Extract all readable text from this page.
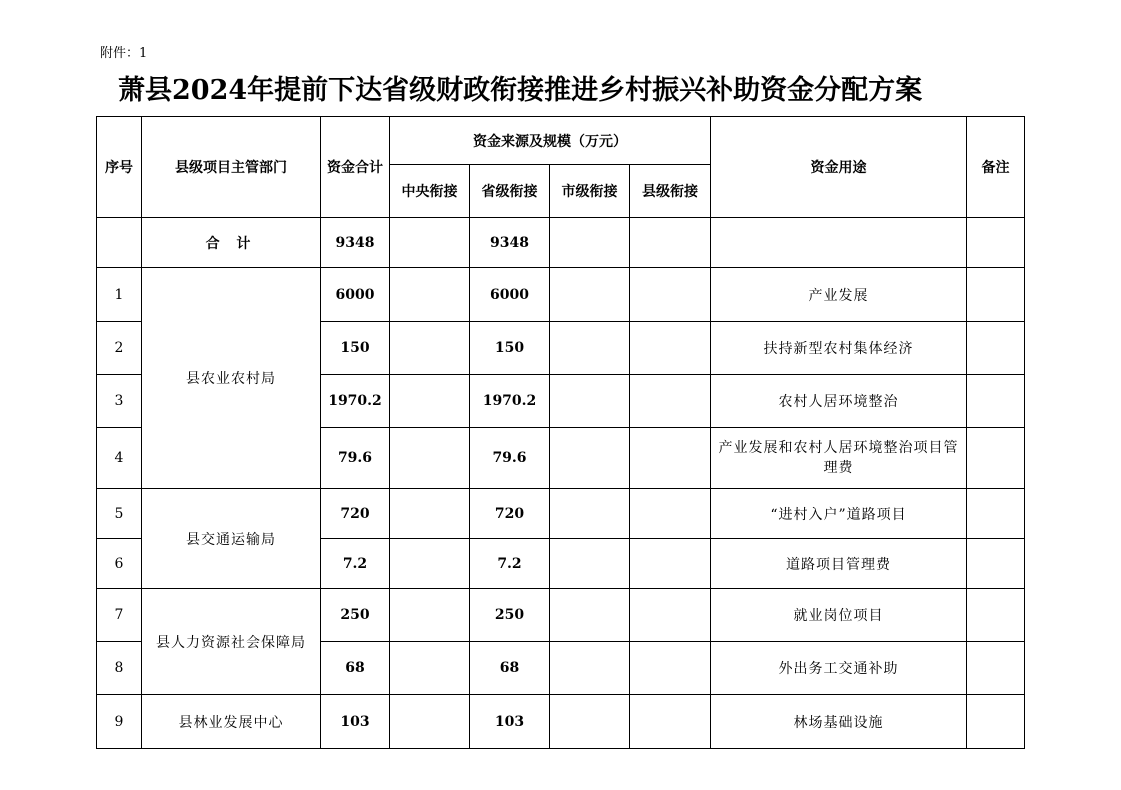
附件：1
萧县2024年提前下达省级财政衔接推进乡村振兴补助资金分配方案
序号	县级项目主管部门	资金合计	资金来源及规模（万元）				资金用途	备注
			中央衔接	省级衔接	市级衔接	县级衔接		
	合 计	9348		9348				
1	县农业农村局	6000		6000			产业发展	
2		150		150			扶持新型农村集体经济	
3		1970.2		1970.2			农村人居环境整治	
4		79.6		79.6			产业发展和农村人居环境整治项目管理费	
5	县交通运输局	720		720			“进村入户”道路项目	
6		7.2		7.2			道路项目管理费	
7	县人力资源社会保障局	250		250			就业岗位项目	
8		68		68			外出务工交通补助	
9	县林业发展中心	103		103			林场基础设施	
